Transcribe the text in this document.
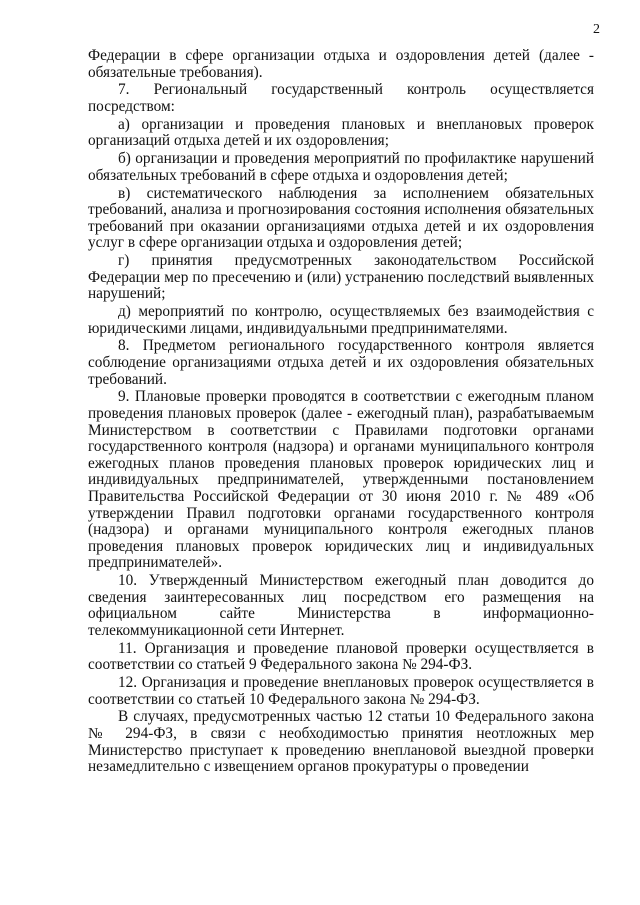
2

Федерации в сфере организации отдыха и оздоровления детей (далее - обязательные требования).

7. Региональный государственный контроль осуществляется посредством:

а) организации и проведения плановых и внеплановых проверок организаций отдыха детей и их оздоровления;

б) организации и проведения мероприятий по профилактике нарушений обязательных требований в сфере отдыха и оздоровления детей;

в) систематического наблюдения за исполнением обязательных требований, анализа и прогнозирования состояния исполнения обязательных требований при оказании организациями отдыха детей и их оздоровления услуг в сфере организации отдыха и оздоровления детей;

г) принятия предусмотренных законодательством Российской Федерации мер по пресечению и (или) устранению последствий выявленных нарушений;

д) мероприятий по контролю, осуществляемых без взаимодействия с юридическими лицами, индивидуальными предпринимателями.

8. Предметом регионального государственного контроля является соблюдение организациями отдыха детей и их оздоровления обязательных требований.

9. Плановые проверки проводятся в соответствии с ежегодным планом проведения плановых проверок (далее - ежегодный план), разрабатываемым Министерством в соответствии с Правилами подготовки органами государственного контроля (надзора) и органами муниципального контроля ежегодных планов проведения плановых проверок юридических лиц и индивидуальных предпринимателей, утвержденными постановлением Правительства Российской Федерации от 30 июня 2010 г. № 489 «Об утверждении Правил подготовки органами государственного контроля (надзора) и органами муниципального контроля ежегодных планов проведения плановых проверок юридических лиц и индивидуальных предпринимателей».

10. Утвержденный Министерством ежегодный план доводится до сведения заинтересованных лиц посредством его размещения на официальном сайте Министерства в информационно-телекоммуникационной сети Интернет.

11. Организация и проведение плановой проверки осуществляется в соответствии со статьей 9 Федерального закона № 294-ФЗ.

12. Организация и проведение внеплановых проверок осуществляется в соответствии со статьей 10 Федерального закона № 294-ФЗ.

В случаях, предусмотренных частью 12 статьи 10 Федерального закона № 294-ФЗ, в связи с необходимостью принятия неотложных мер Министерство приступает к проведению внеплановой выездной проверки незамедлительно с извещением органов прокуратуры о проведении
